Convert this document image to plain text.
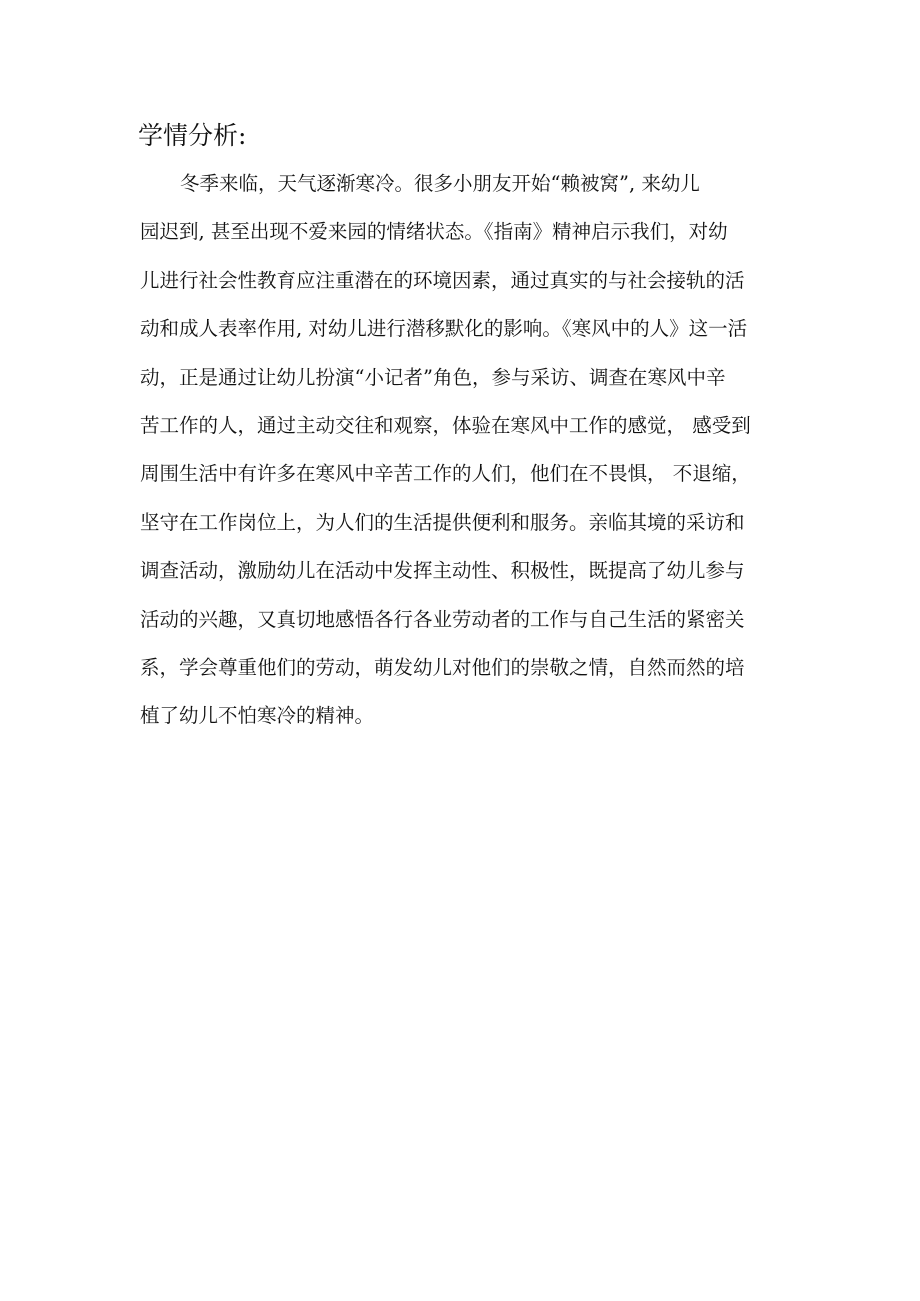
学情分析:
冬季来临，天气逐渐寒冷。很多小朋友开始“赖被窝”, 来幼儿
园迟到, 甚至出现不爱来园的情绪状态。《指南》精神启示我们，对幼
儿进行社会性教育应注重潜在的环境因素，通过真实的与社会接轨的活
动和成人表率作用, 对幼儿进行潜移默化的影响。《寒风中的人》这一活
动，正是通过让幼儿扮演“小记者”角色，参与采访、调查在寒风中辛
苦工作的人，通过主动交往和观察，体验在寒风中工作的感觉， 感受到
周围生活中有许多在寒风中辛苦工作的人们，他们在不畏惧， 不退缩，
坚守在工作岗位上，为人们的生活提供便利和服务。亲临其境的采访和
调查活动，激励幼儿在活动中发挥主动性、积极性，既提高了幼儿参与
活动的兴趣，又真切地感悟各行各业劳动者的工作与自己生活的紧密关
系，学会尊重他们的劳动，萌发幼儿对他们的崇敬之情，自然而然的培
植了幼儿不怕寒冷的精神。
